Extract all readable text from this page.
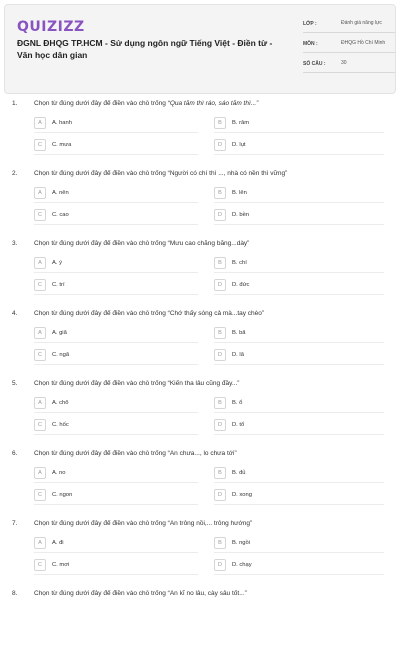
QUIZIZZ
ĐGNL ĐHQG TP.HCM - Sử dụng ngôn ngữ Tiếng Việt - Điền từ - Văn học dân gian
LỚP :	Đánh giá năng lực
MÔN :	ĐHQG Hồ Chí Minh
SỐ CÂU :	30
1.	Chọn từ đúng dưới đây để điền vào chỗ trống “Qua tắm thì ráo, sáo tắm thì...”
A	A. hanh	B	B. râm
C	C. mưa	D	D. lụt
2.	Chọn từ đúng dưới đây để điền vào chỗ trống “Người có chí thì ..., nhà có nền thì vững”
A	A. nên	B	B. lên
C	C. cao	D	D. bền
3.	Chọn từ đúng dưới đây để điền vào chỗ trống “Mưu cao chẳng bằng...dày”
A	A. ý	B	B. chí
C	C. trí	D	D. đức
4.	Chọn từ đúng dưới đây để điền vào chỗ trống “Chớ thấy sóng cả mà...tay chèo”
A	A. giã	B	B. bã
C	C. ngã	D	D. lã
5.	Chọn từ đúng dưới đây để điền vào chỗ trống “Kiến tha lâu cũng đầy...”
A	A. chõ	B	B. ổ
C	C. hốc	D	D. tổ
6.	Chọn từ đúng dưới đây để điền vào chỗ trống “Ăn chưa..., lo chưa tới”
A	A. no	B	B. đủ
C	C. ngon	D	D. xong
7.	Chọn từ đúng dưới đây để điền vào chỗ trống “Ăn trông nồi,... trông hướng”
A	A. đi	B	B. ngồi
C	C. mơi	D	D. chạy
8.	Chọn từ đúng dưới đây để điền vào chỗ trống “Ăn kĩ no lâu, cày sâu tốt...”
